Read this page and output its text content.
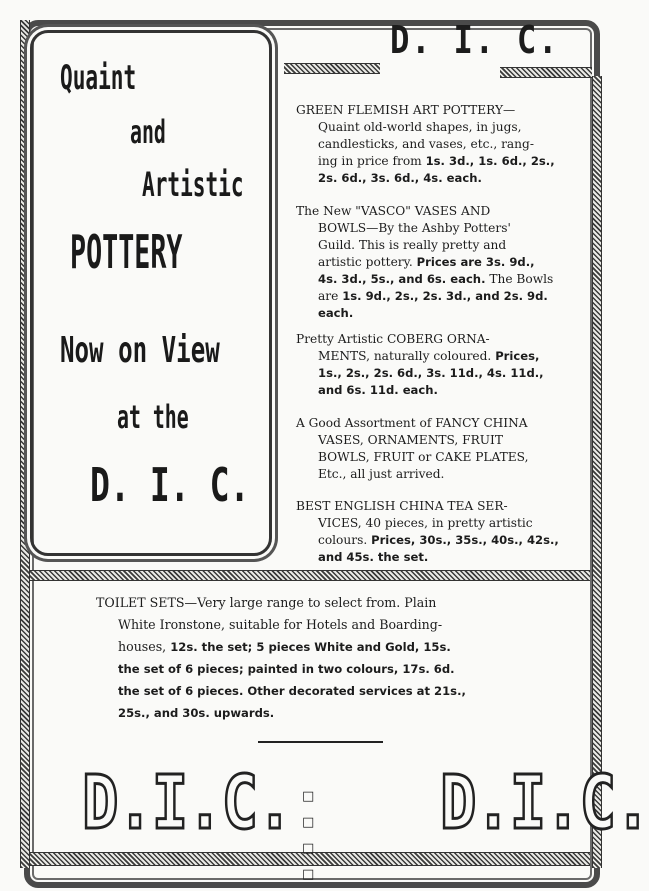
D. I. C.
Quaint
and
Artistic
POTTERY
Now on View
at the
D. I. C.
GREEN FLEMISH ART POTTERY—
Quaint old-world shapes, in jugs,
candlesticks, and vases, etc., rang-
ing in price from 1s. 3d., 1s. 6d., 2s.,
2s. 6d., 3s. 6d., 4s. each.
The New "VASCO" VASES AND
BOWLS—By the Ashby Potters'
Guild. This is really pretty and
artistic pottery. Prices are 3s. 9d.,
4s. 3d., 5s., and 6s. each. The Bowls
are 1s. 9d., 2s., 2s. 3d., and 2s. 9d.
each.
Pretty Artistic COBERG ORNA-
MENTS, naturally coloured. Prices,
1s., 2s., 2s. 6d., 3s. 11d., 4s. 11d.,
and 6s. 11d. each.
A Good Assortment of FANCY CHINA
VASES, ORNAMENTS, FRUIT
BOWLS, FRUIT or CAKE PLATES,
Etc., all just arrived.
BEST ENGLISH CHINA TEA SER-
VICES, 40 pieces, in pretty artistic
colours. Prices, 30s., 35s., 40s., 42s.,
and 45s. the set.
TOILET SETS—Very large range to select from. Plain
White Ironstone, suitable for Hotels and Boarding-
houses, 12s. the set; 5 pieces White and Gold, 15s.
the set of 6 pieces; painted in two colours, 17s. 6d.
the set of 6 pieces. Other decorated services at 21s.,
25s., and 30s. upwards.
D.I.C. □ □ □ □
D.I.C.
